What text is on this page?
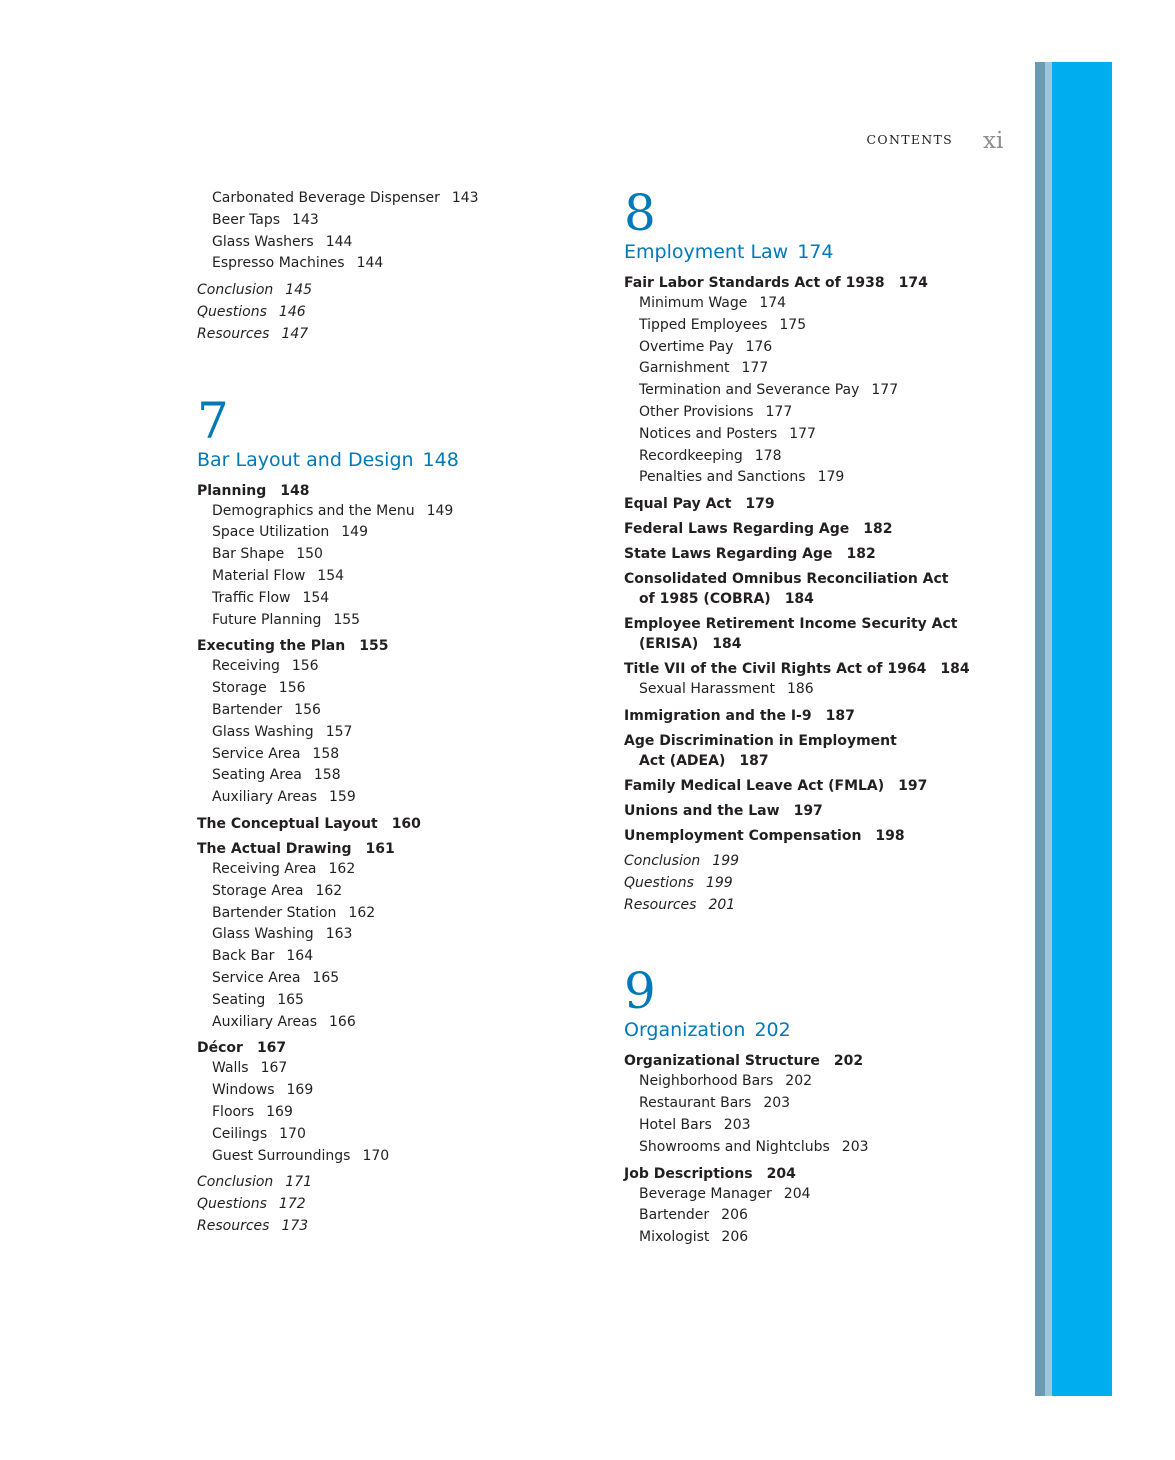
CONTENTS xi
Carbonated Beverage Dispenser 143
Beer Taps 143
Glass Washers 144
Espresso Machines 144
Conclusion 145
Questions 146
Resources 147
7
Bar Layout and Design 148
Planning 148
Demographics and the Menu 149
Space Utilization 149
Bar Shape 150
Material Flow 154
Traffic Flow 154
Future Planning 155
Executing the Plan 155
Receiving 156
Storage 156
Bartender 156
Glass Washing 157
Service Area 158
Seating Area 158
Auxiliary Areas 159
The Conceptual Layout 160
The Actual Drawing 161
Receiving Area 162
Storage Area 162
Bartender Station 162
Glass Washing 163
Back Bar 164
Service Area 165
Seating 165
Auxiliary Areas 166
Décor 167
Walls 167
Windows 169
Floors 169
Ceilings 170
Guest Surroundings 170
Conclusion 171
Questions 172
Resources 173
8
Employment Law 174
Fair Labor Standards Act of 1938 174
Minimum Wage 174
Tipped Employees 175
Overtime Pay 176
Garnishment 177
Termination and Severance Pay 177
Other Provisions 177
Notices and Posters 177
Recordkeeping 178
Penalties and Sanctions 179
Equal Pay Act 179
Federal Laws Regarding Age 182
State Laws Regarding Age 182
Consolidated Omnibus Reconciliation Act
of 1985 (COBRA) 184
Employee Retirement Income Security Act
(ERISA) 184
Title VII of the Civil Rights Act of 1964 184
Sexual Harassment 186
Immigration and the I-9 187
Age Discrimination in Employment
Act (ADEA) 187
Family Medical Leave Act (FMLA) 197
Unions and the Law 197
Unemployment Compensation 198
Conclusion 199
Questions 199
Resources 201
9
Organization 202
Organizational Structure 202
Neighborhood Bars 202
Restaurant Bars 203
Hotel Bars 203
Showrooms and Nightclubs 203
Job Descriptions 204
Beverage Manager 204
Bartender 206
Mixologist 206
